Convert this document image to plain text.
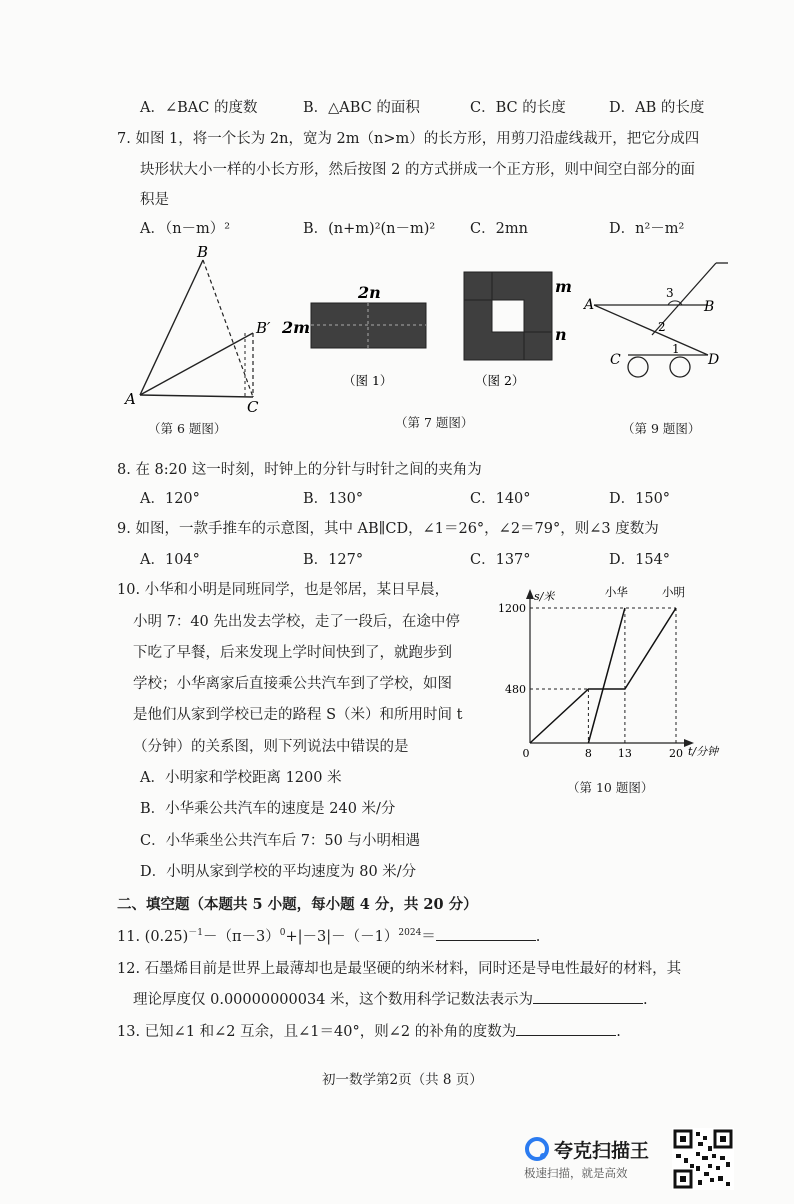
A．∠BAC 的度数	B．△ABC 的面积	C．BC 的长度	D．AB 的长度
7. 如图 1，将一个长为 2n，宽为 2m（n>m）的长方形，用剪刀沿虚线裁开，把它分成四
块形状大小一样的小长方形，然后按图 2 的方式拼成一个正方形，则中间空白部分的面
积是
A．（n－m）²	B．(n+m)²(n－m)² C．2mn	D．n²－m²
A
B
B′
C
（第 6 题图）
2n
2m
（图 1）
m
n
（图 2）
（第 7 题图）
A	B
C	D
1
2
3
（第 9 题图）
8. 在 8:20 这一时刻，时钟上的分针与时针之间的夹角为
A．120°	B．130°	C．140°	D．150°
9. 如图，一款手推车的示意图，其中 AB∥CD，∠1＝26°，∠2＝79°，则∠3 度数为
A．104°	B．127°	C．137°	D．154°
10. 小华和小明是同班同学，也是邻居，某日早晨，
小明 7：40 先出发去学校，走了一段后，在途中停
下吃了早餐，后来发现上学时间快到了，就跑步到
学校；小华离家后直接乘公共汽车到了学校，如图
是他们从家到学校已走的路程 S（米）和所用时间 t
（分钟）的关系图，则下列说法中错误的是
A．小明家和学校距离 1200 米
B．小华乘公共汽车的速度是 240 米/分
C．小华乘坐公共汽车后 7：50 与小明相遇
D．小明从家到学校的平均速度为 80 米/分
s/米
t/分钟
小华	小明
1200
480
0	8 13	20
（第 10 题图）
二、填空题（本题共 5 小题，每小题 4 分，共 20 分）
11. $(0.25)^{-1}-(\pi-3)^0+|-3|-(-1)^{2024}=$	.
12. 石墨烯目前是世界上最薄却也是最坚硬的纳米材料，同时还是导电性最好的材料，其
理论厚度仅 0.00000000034 米，这个数用科学记数法表示为	.
13. 已知∠1 和∠2 互余，且∠1＝40°，则∠2 的补角的度数为	.
初一数学第2页（共 8 页）
夸克扫描王
极速扫描，就是高效
